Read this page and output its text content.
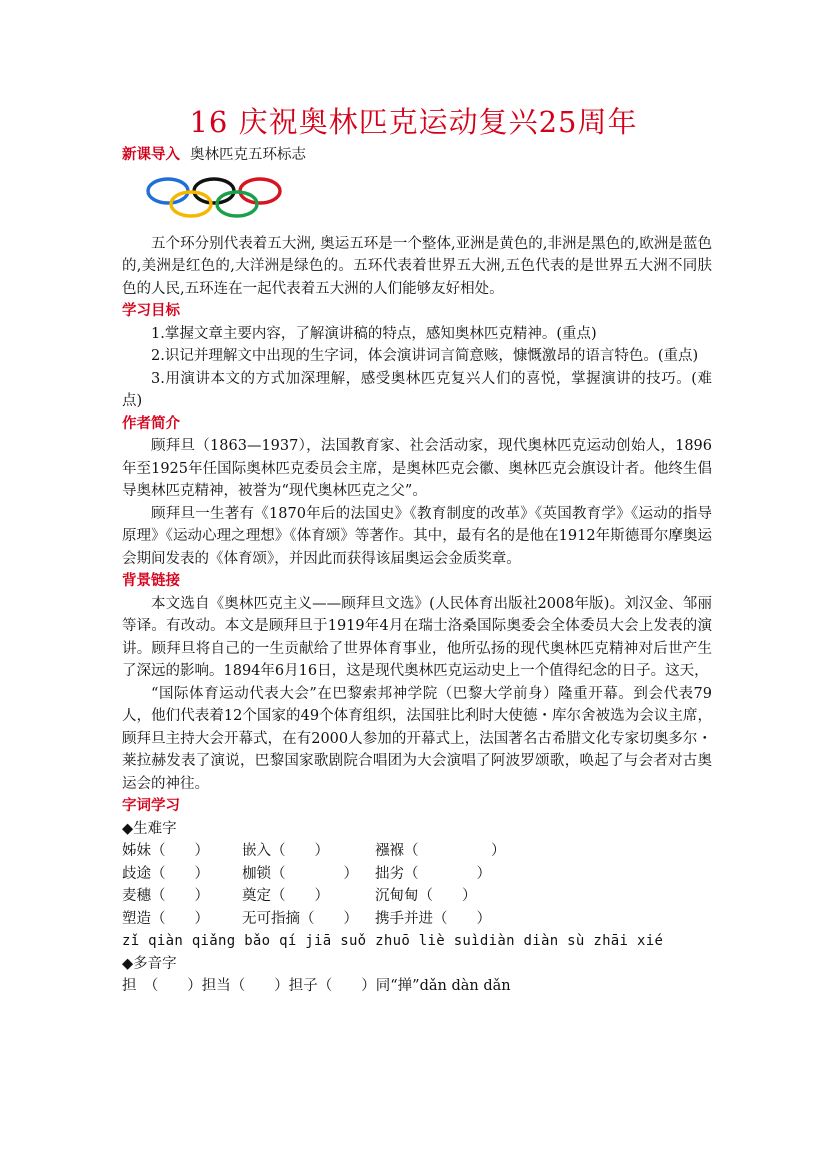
16 庆祝奥林匹克运动复兴25周年
新课导入 奥林匹克五环标志

五个环分别代表着五大洲, 奥运五环是一个整体,亚洲是黄色的,非洲是黑色的,欧洲是蓝色的,美洲是红色的,大洋洲是绿色的。五环代表着世界五大洲,五色代表的是世界五大洲不同肤色的人民,五环连在一起代表着五大洲的人们能够友好相处。

学习目标

1.掌握文章主要内容，了解演讲稿的特点，感知奥林匹克精神。(重点)

2.识记并理解文中出现的生字词，体会演讲词言简意赅，慷慨激昂的语言特色。(重点)

3.用演讲本文的方式加深理解，感受奥林匹克复兴人们的喜悦，掌握演讲的技巧。(难点)

作者简介

顾拜旦（1863—1937），法国教育家、社会活动家，现代奥林匹克运动创始人，1896年至1925年任国际奥林匹克委员会主席，是奥林匹克会徽、奥林匹克会旗设计者。他终生倡导奥林匹克精神，被誉为“现代奥林匹克之父”。

顾拜旦一生著有《1870年后的法国史》《教育制度的改革》《英国教育学》《运动的指导原理》《运动心理之理想》《体育颂》等著作。其中，最有名的是他在1912年斯德哥尔摩奥运会期间发表的《体育颂》，并因此而获得该届奥运会金质奖章。

背景链接

本文选自《奥林匹克主义——顾拜旦文选》(人民体育出版社2008年版)。刘汉金、邹丽等译。有改动。本文是顾拜旦于1919年4月在瑞士洛桑国际奥委会全体委员大会上发表的演讲。顾拜旦将自己的一生贡献给了世界体育事业，他所弘扬的现代奥林匹克精神对后世产生了深远的影响。1894年6月16日，这是现代奥林匹克运动史上一个值得纪念的日子。这天，

“国际体育运动代表大会”在巴黎索邦神学院（巴黎大学前身）隆重开幕。到会代表79人，他们代表着12个国家的49个体育组织，法国驻比利时大使德・库尔舍被选为会议主席，顾拜旦主持大会开幕式，在有2000人参加的开幕式上，法国著名古希腊文化专家切奥多尔・莱拉赫发表了演说，巴黎国家歌剧院合唱团为大会演唱了阿波罗颂歌，唤起了与会者对古奥运会的神往。

字词学习
◆生难字
姊妹（　　）	嵌入（　　）	襁褓（　　　　　）
歧途（　　）	枷锁（　　　　）	拙劣（　　　　）
麦穗（　　）	奠定（　　）	沉甸甸（　　）
塑造（　　）	无可指摘（　　）	携手并进（　　）
zǐ qiàn qiǎng bǎo qí jiā suǒ zhuō liè suìdiàn diàn sù zhāi xié
◆多音字
担　（　　）担当（　　）担子（　　）同“掸”dǎn dàn dǎn
